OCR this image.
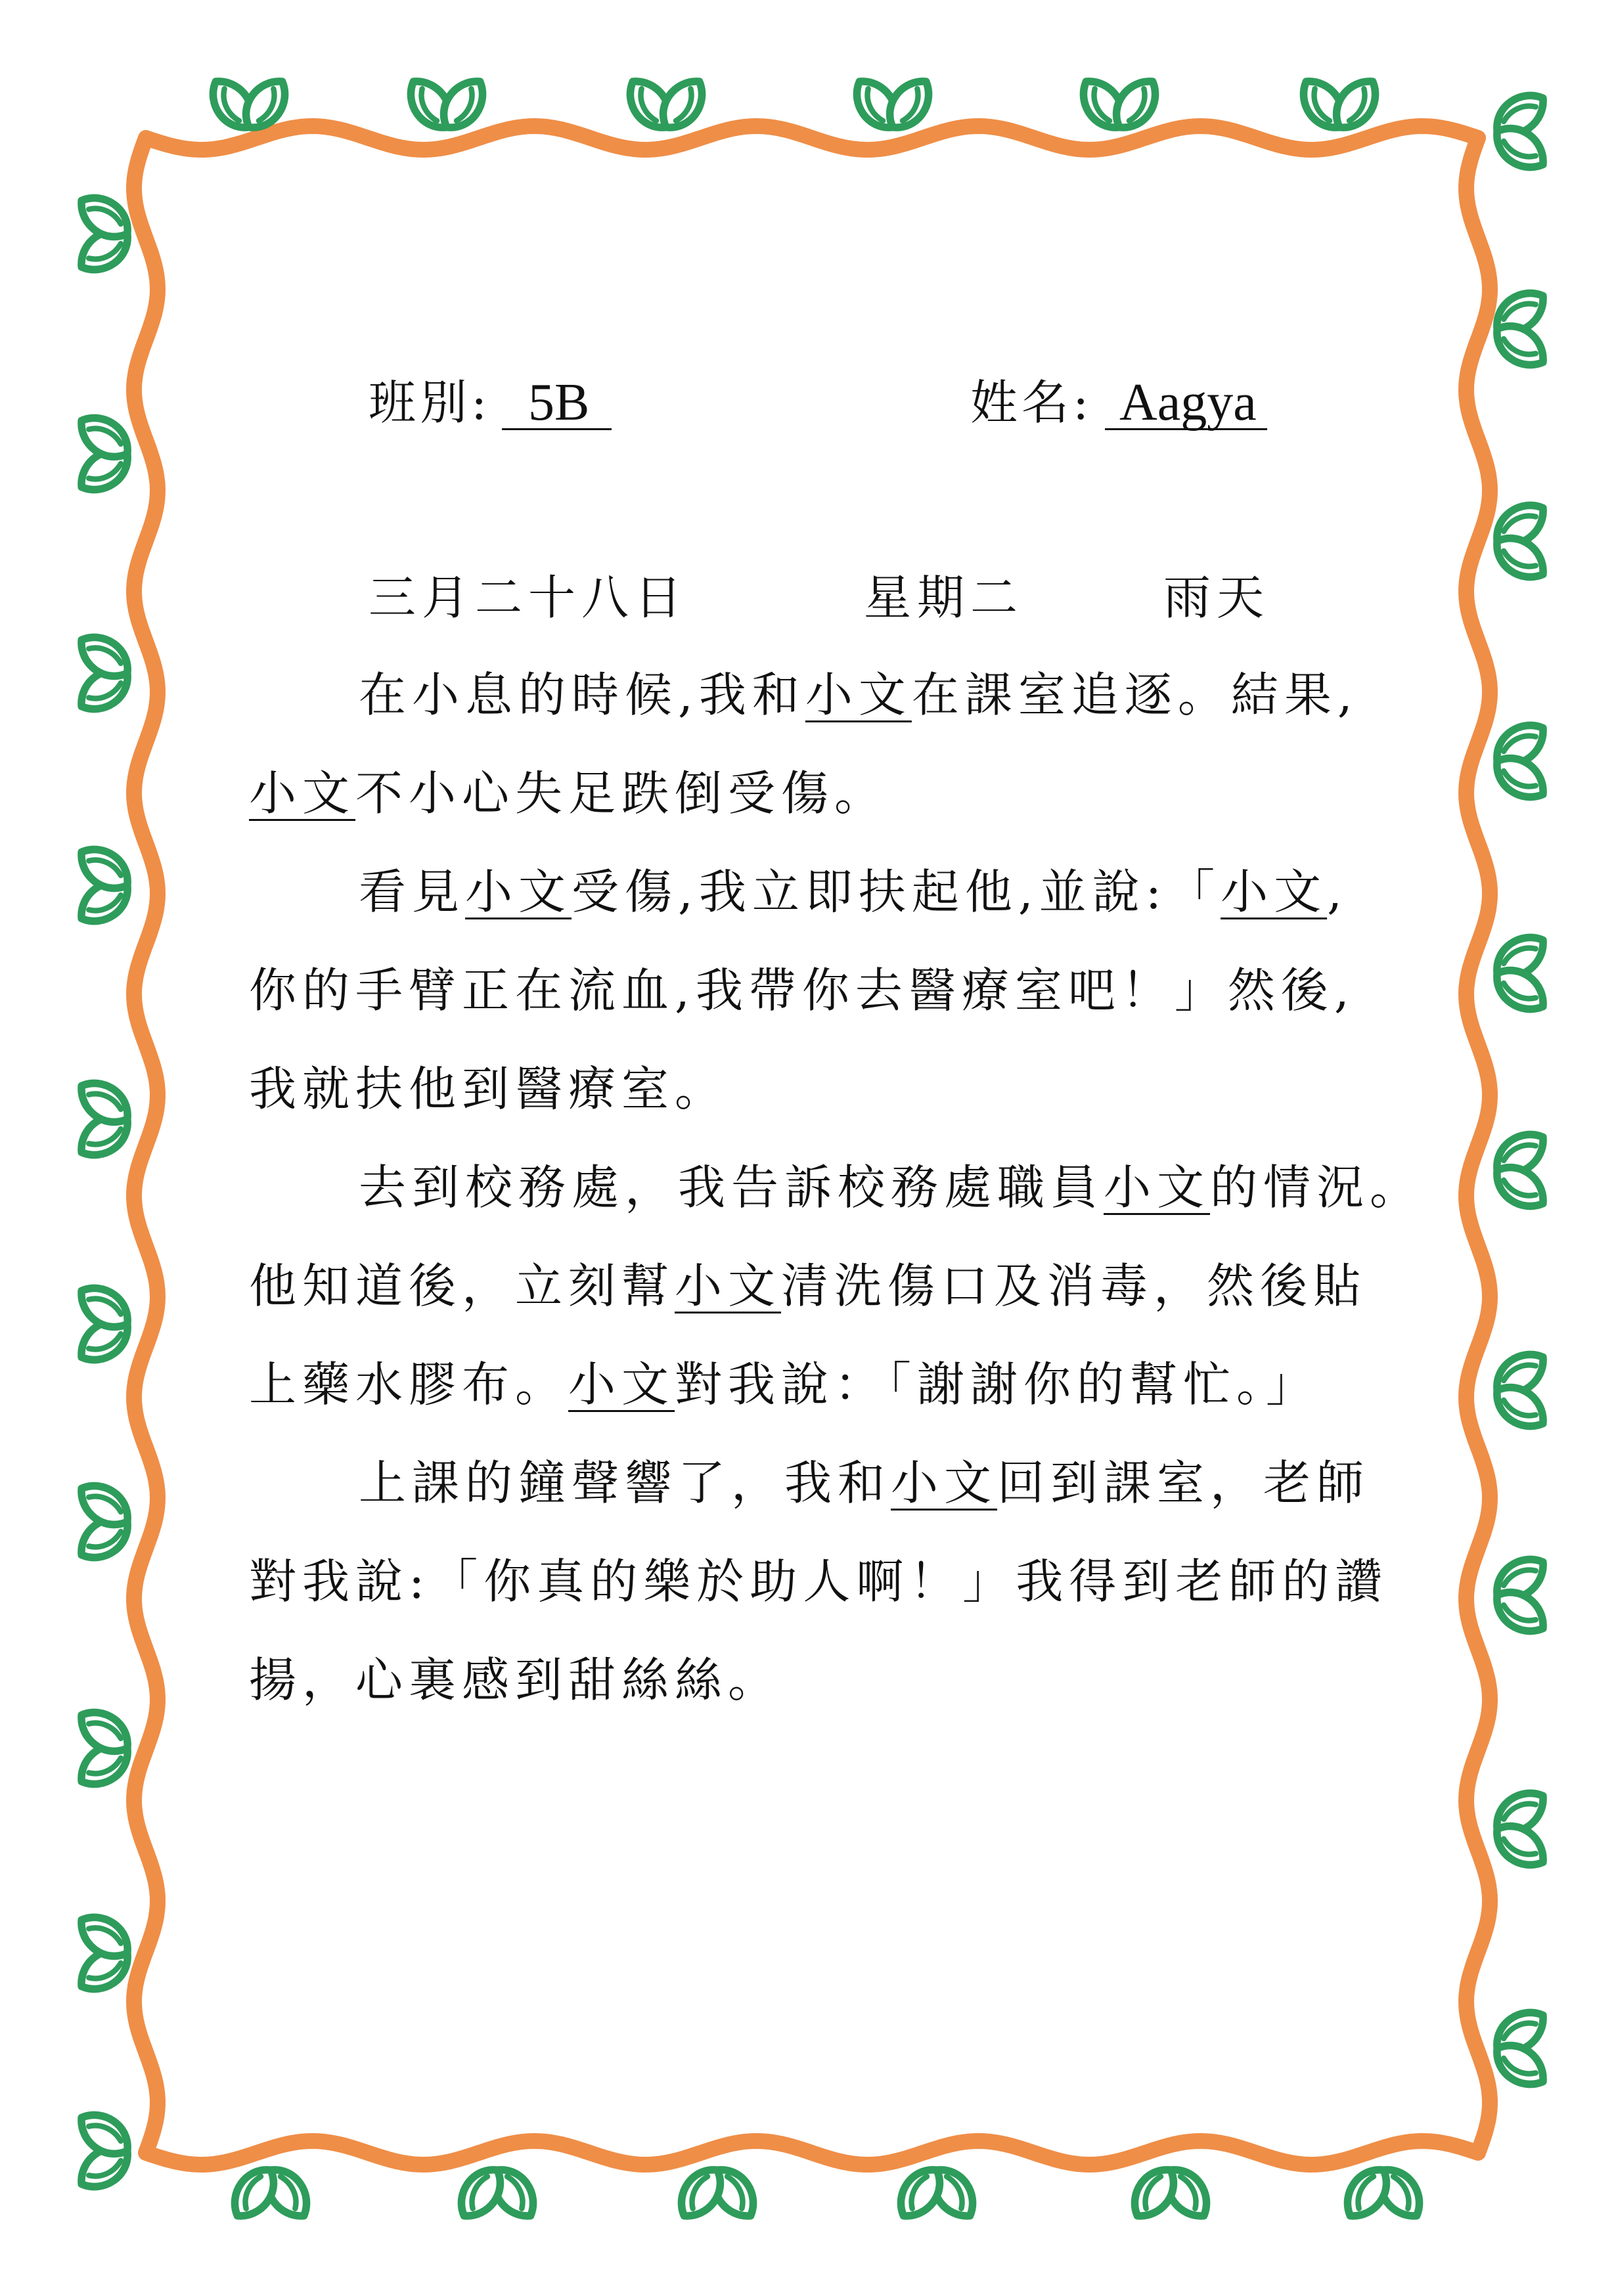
班別: 5B	姓名: Aagya
三月二十八日	星期二	雨天
在小息的時候,我和小文在課室追逐。結果,
小文不小心失足跌倒受傷。
看見小文受傷,我立即扶起他,並說:「小文,
你的手臂正在流血,我帶你去醫療室吧！」然後,
我就扶他到醫療室。
去到校務處，我告訴校務處職員小文的情況。
他知道後，立刻幫小文清洗傷口及消毒，然後貼
上藥水膠布。小文對我說：「謝謝你的幫忙。」
上課的鐘聲響了，我和小文回到課室，老師
對我說:「你真的樂於助人啊！」我得到老師的讚
揚，心裏感到甜絲絲。
